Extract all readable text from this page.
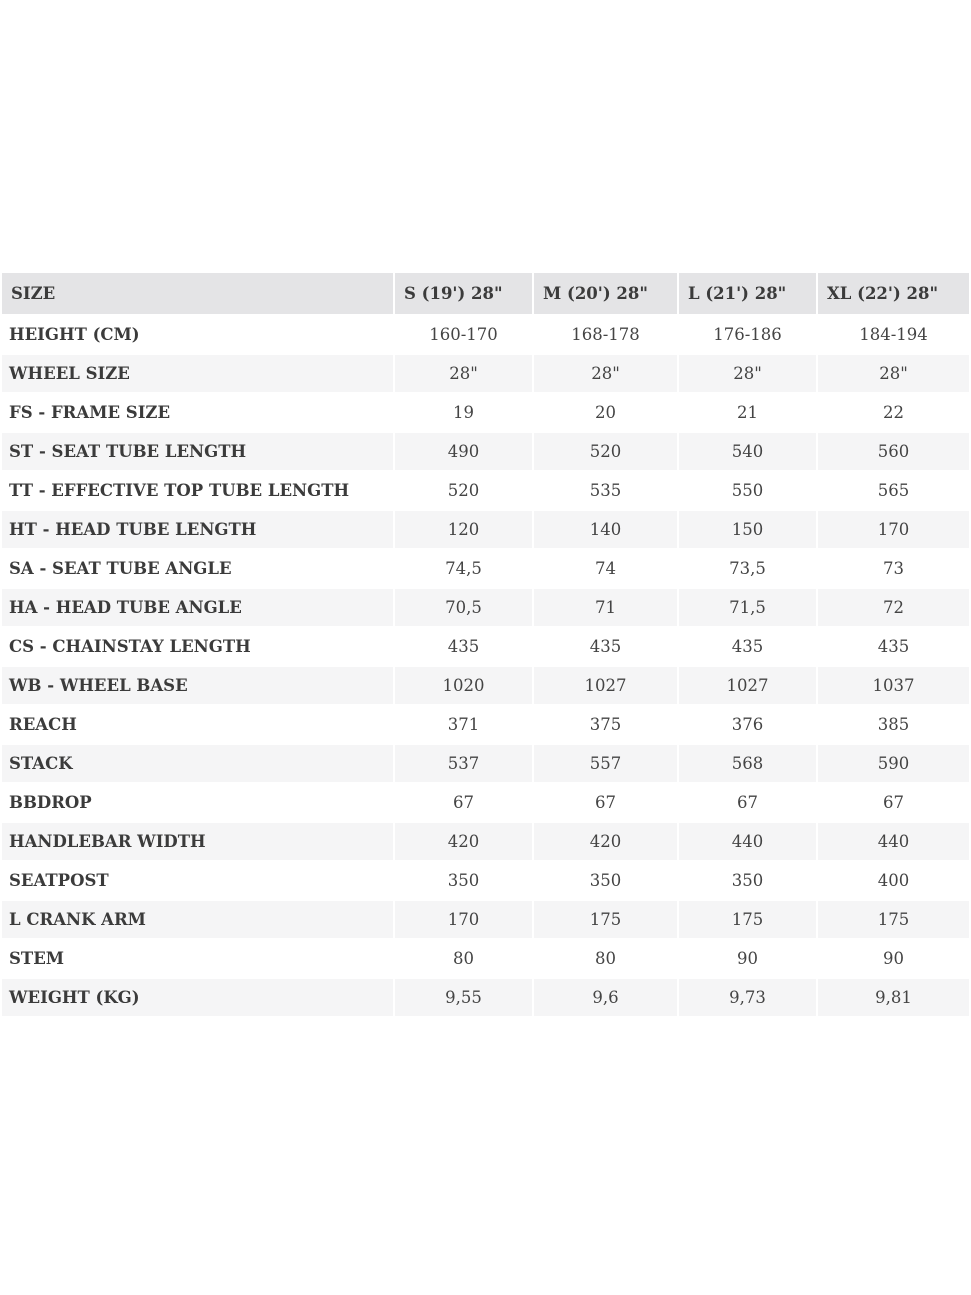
SIZE	S (19') 28"	M (20') 28"	L (21') 28"	XL (22') 28"
HEIGHT (CM)	160-170	168-178	176-186	184-194
WHEEL SIZE	28"	28"	28"	28"
FS - FRAME SIZE	19	20	21	22
ST - SEAT TUBE LENGTH	490	520	540	560
TT - EFFECTIVE TOP TUBE LENGTH	520	535	550	565
HT - HEAD TUBE LENGTH	120	140	150	170
SA - SEAT TUBE ANGLE	74,5	74	73,5	73
HA - HEAD TUBE ANGLE	70,5	71	71,5	72
CS - CHAINSTAY LENGTH	435	435	435	435
WB - WHEEL BASE	1020	1027	1027	1037
REACH	371	375	376	385
STACK	537	557	568	590
BBDROP	67	67	67	67
HANDLEBAR WIDTH	420	420	440	440
SEATPOST	350	350	350	400
L CRANK ARM	170	175	175	175
STEM	80	80	90	90
WEIGHT (KG)	9,55	9,6	9,73	9,81
